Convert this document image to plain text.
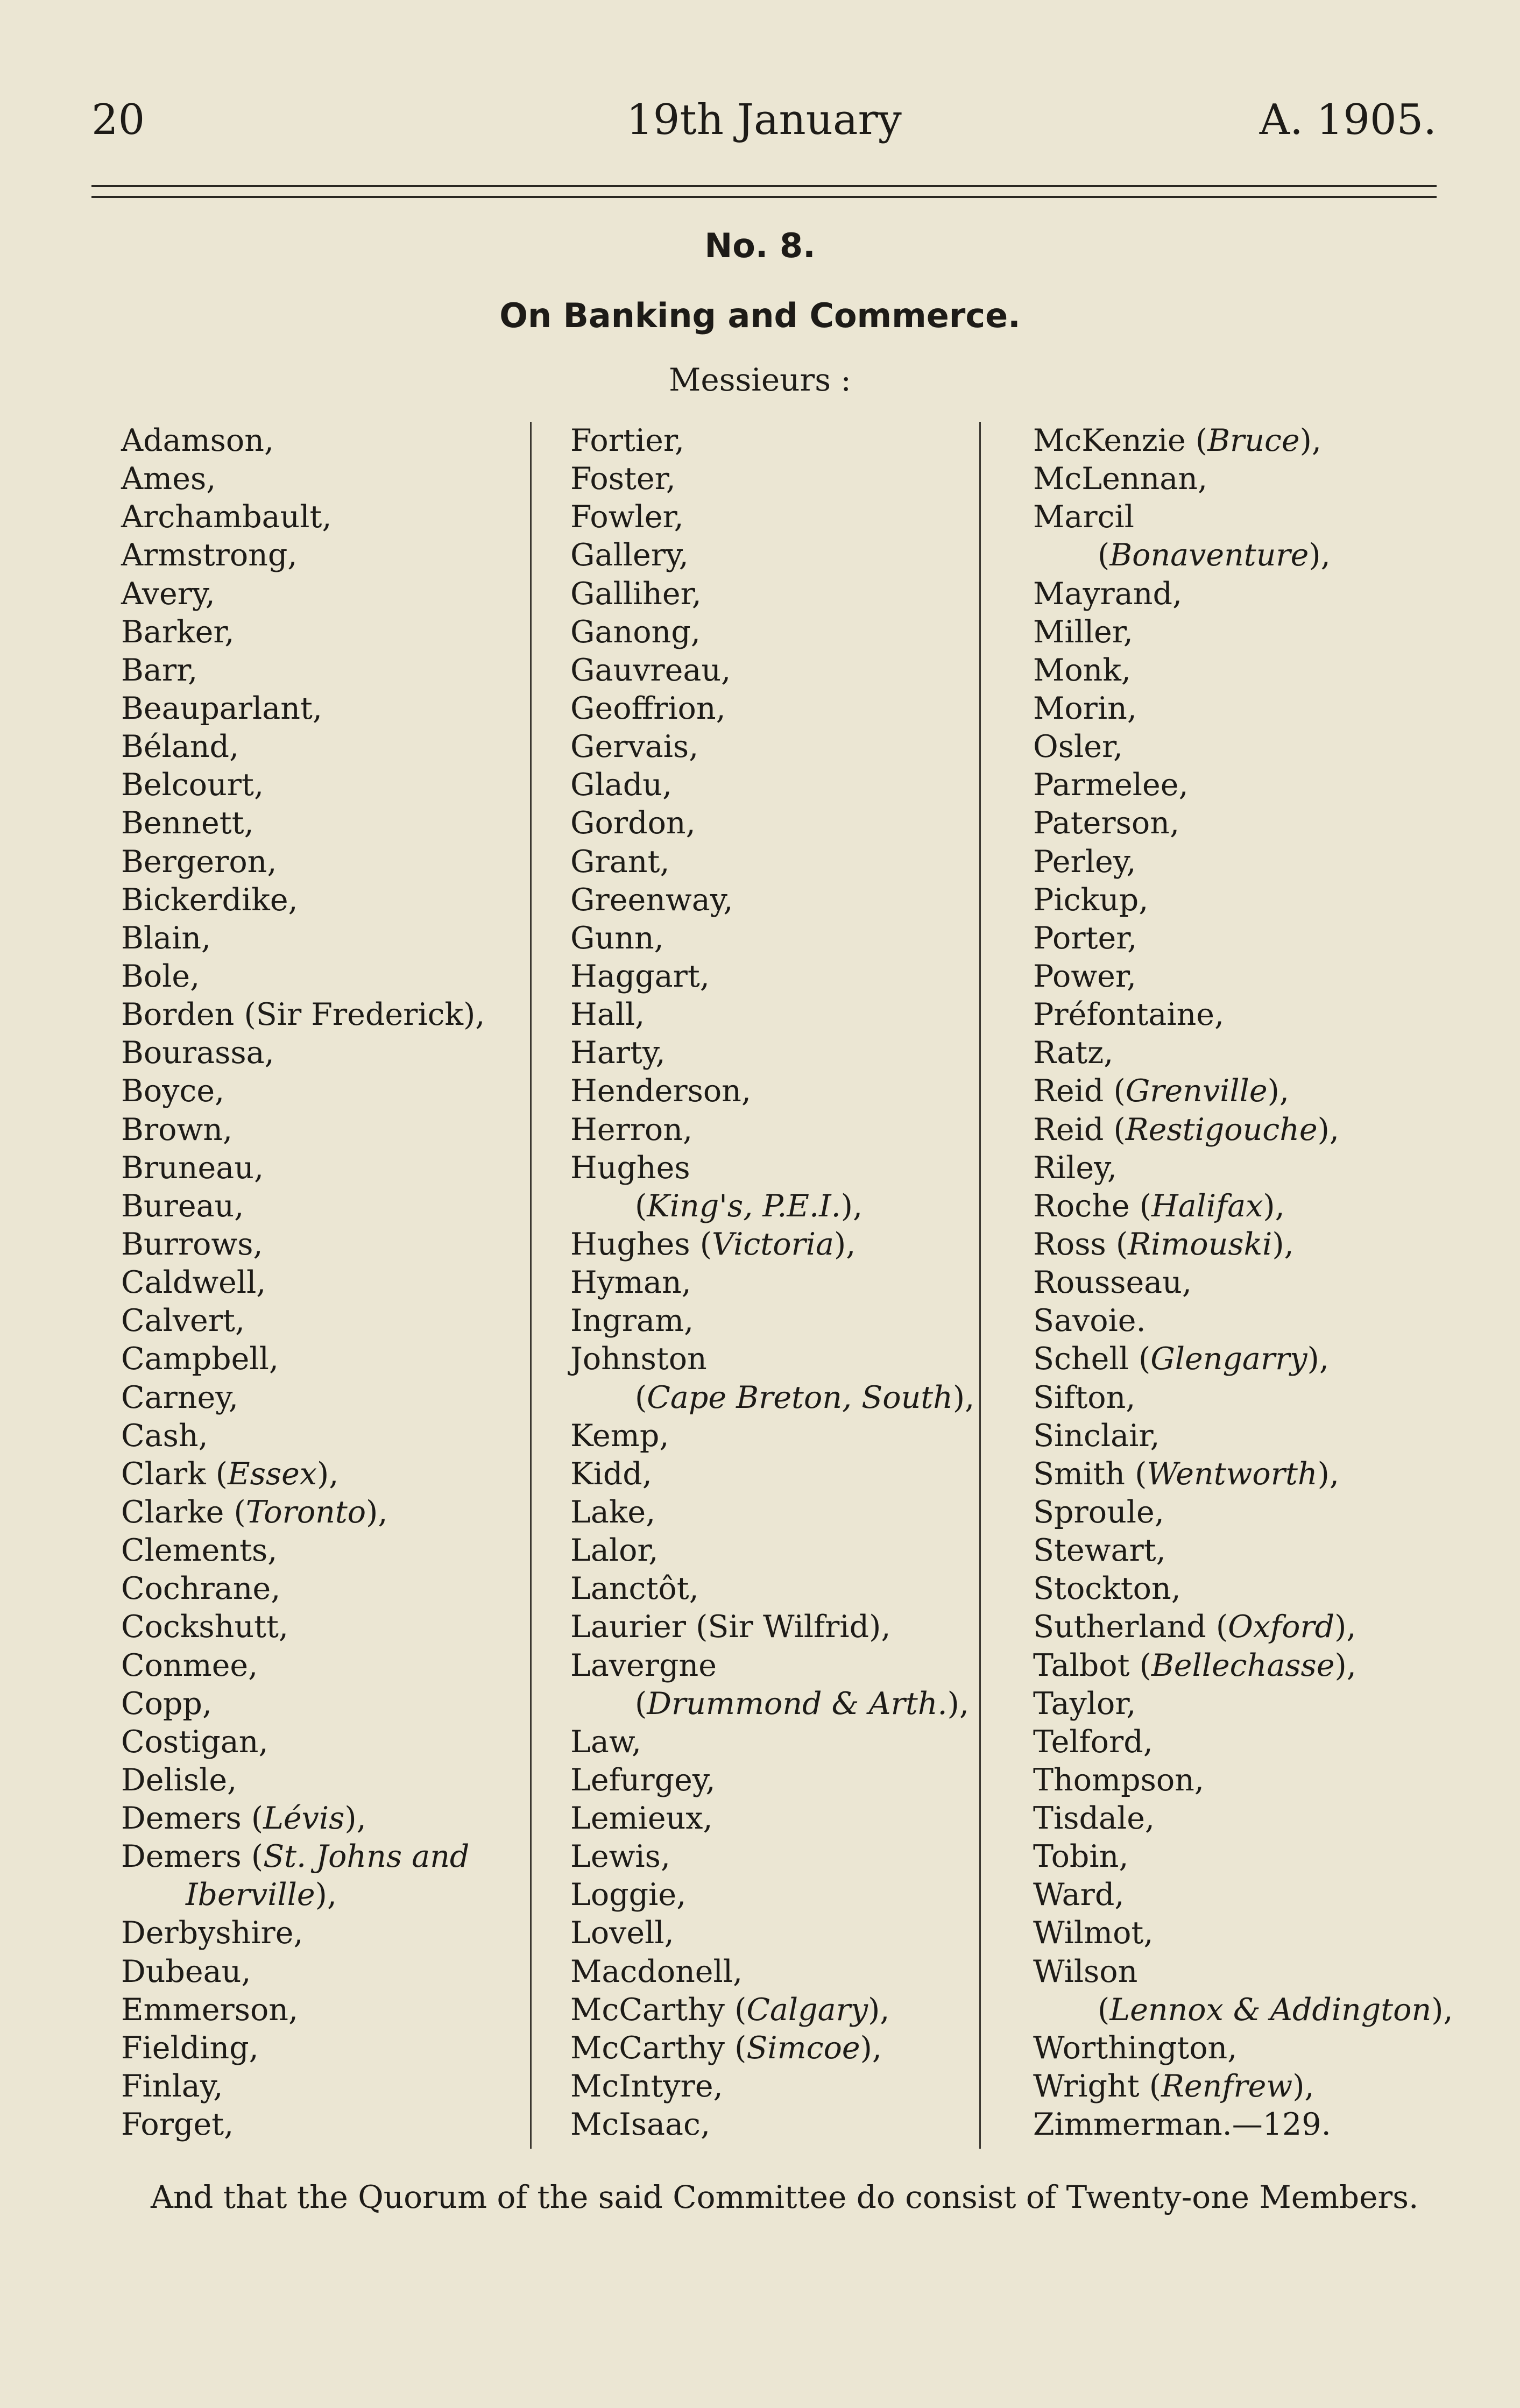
20	19th January	A. 1905.
No. 8.
On Banking and Commerce.
Messieurs :
Adamson,
Ames,
Archambault,
Armstrong,
Avery,
Barker,
Barr,
Beauparlant,
Béland,
Belcourt,
Bennett,
Bergeron,
Bickerdike,
Blain,
Bole,
Borden (Sir Frederick),
Bourassa,
Boyce,
Brown,
Bruneau,
Bureau,
Burrows,
Caldwell,
Calvert,
Campbell,
Carney,
Cash,
Clark (Essex),
Clarke (Toronto),
Clements,
Cochrane,
Cockshutt,
Conmee,
Copp,
Costigan,
Delisle,
Demers (Lévis),
Demers (St. Johns and
Iberville),
Derbyshire,
Dubeau,
Emmerson,
Fielding,
Finlay,
Forget,
Fortier,
Foster,
Fowler,
Gallery,
Galliher,
Ganong,
Gauvreau,
Geoffrion,
Gervais,
Gladu,
Gordon,
Grant,
Greenway,
Gunn,
Haggart,
Hall,
Harty,
Henderson,
Herron,
Hughes
(King's, P.E.I.),
Hughes (Victoria),
Hyman,
Ingram,
Johnston
(Cape Breton, South),
Kemp,
Kidd,
Lake,
Lalor,
Lanctôt,
Laurier (Sir Wilfrid),
Lavergne
(Drummond & Arth.),
Law,
Lefurgey,
Lemieux,
Lewis,
Loggie,
Lovell,
Macdonell,
McCarthy (Calgary),
McCarthy (Simcoe),
McIntyre,
McIsaac,
McKenzie (Bruce),
McLennan,
Marcil
(Bonaventure),
Mayrand,
Miller,
Monk,
Morin,
Osler,
Parmelee,
Paterson,
Perley,
Pickup,
Porter,
Power,
Préfontaine,
Ratz,
Reid (Grenville),
Reid (Restigouche),
Riley,
Roche (Halifax),
Ross (Rimouski),
Rousseau,
Savoie.
Schell (Glengarry),
Sifton,
Sinclair,
Smith (Wentworth),
Sproule,
Stewart,
Stockton,
Sutherland (Oxford),
Talbot (Bellechasse),
Taylor,
Telford,
Thompson,
Tisdale,
Tobin,
Ward,
Wilmot,
Wilson
(Lennox & Addington),
Worthington,
Wright (Renfrew),
Zimmerman.—129.
And that the Quorum of the said Committee do consist of Twenty-one Members.
